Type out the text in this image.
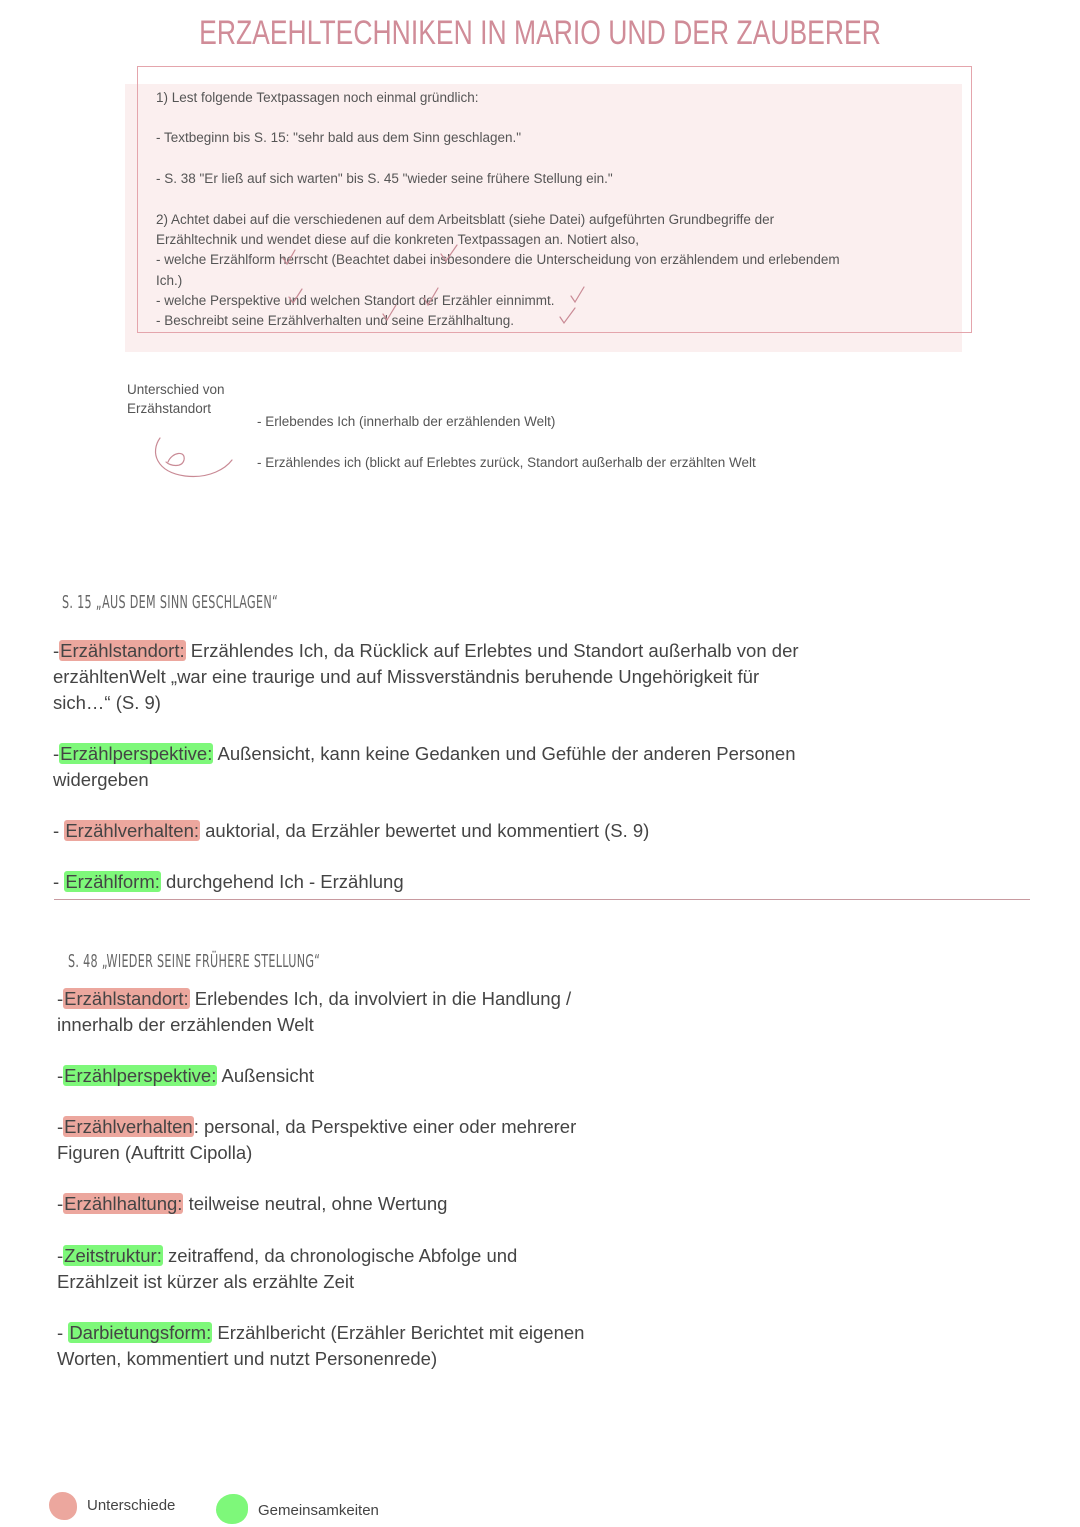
ERZAEHLTECHNIKEN IN MARIO UND DER ZAUBERER
1) Lest folgende Textpassagen noch einmal gründlich:
- Textbeginn bis S. 15: "sehr bald aus dem Sinn geschlagen."
- S. 38 "Er ließ auf sich warten" bis S. 45 "wieder seine frühere Stellung ein."
2) Achtet dabei auf die verschiedenen auf dem Arbeitsblatt (siehe Datei) aufgeführten Grundbegriffe der
Erzähltechnik und wendet diese auf die konkreten Textpassagen an. Notiert also,
- welche Erzählform herrscht (Beachtet dabei insbesondere die Unterscheidung von erzählendem und erlebendem
Ich.)
- welche Perspektive und welchen Standort der Erzähler einnimmt.
- Beschreibt seine Erzählverhalten und seine Erzählhaltung.
Unterschied von
Erzähstandort
- Erlebendes Ich (innerhalb der erzählenden Welt)
- Erzählendes ich (blickt auf Erlebtes zurück, Standort außerhalb der erzählten Welt
S. 15 „AUS DEM SINN GESCHLAGEN“
-Erzählstandort: Erzählendes Ich, da Rücklick auf Erlebtes und Standort außerhalb von der
erzähltenWelt „war eine traurige und auf Missverständnis beruhende Ungehörigkeit für
sich…“ (S. 9)
-Erzählperspektive: Außensicht, kann keine Gedanken und Gefühle der anderen Personen
widergeben
- Erzählverhalten: auktorial, da Erzähler bewertet und kommentiert (S. 9)
- Erzählform: durchgehend Ich - Erzählung
S. 48 „WIEDER SEINE FRÜHERE STELLUNG“
-Erzählstandort: Erlebendes Ich, da involviert in die Handlung /
innerhalb der erzählenden Welt
-Erzählperspektive: Außensicht
-Erzählverhalten: personal, da Perspektive einer oder mehrerer
Figuren (Auftritt Cipolla)
-Erzählhaltung: teilweise neutral, ohne Wertung
-Zeitstruktur: zeitraffend, da chronologische Abfolge und
Erzählzeit ist kürzer als erzählte Zeit
- Darbietungsform: Erzählbericht (Erzähler Berichtet mit eigenen
Worten, kommentiert und nutzt Personenrede)
Unterschiede	Gemeinsamkeiten
